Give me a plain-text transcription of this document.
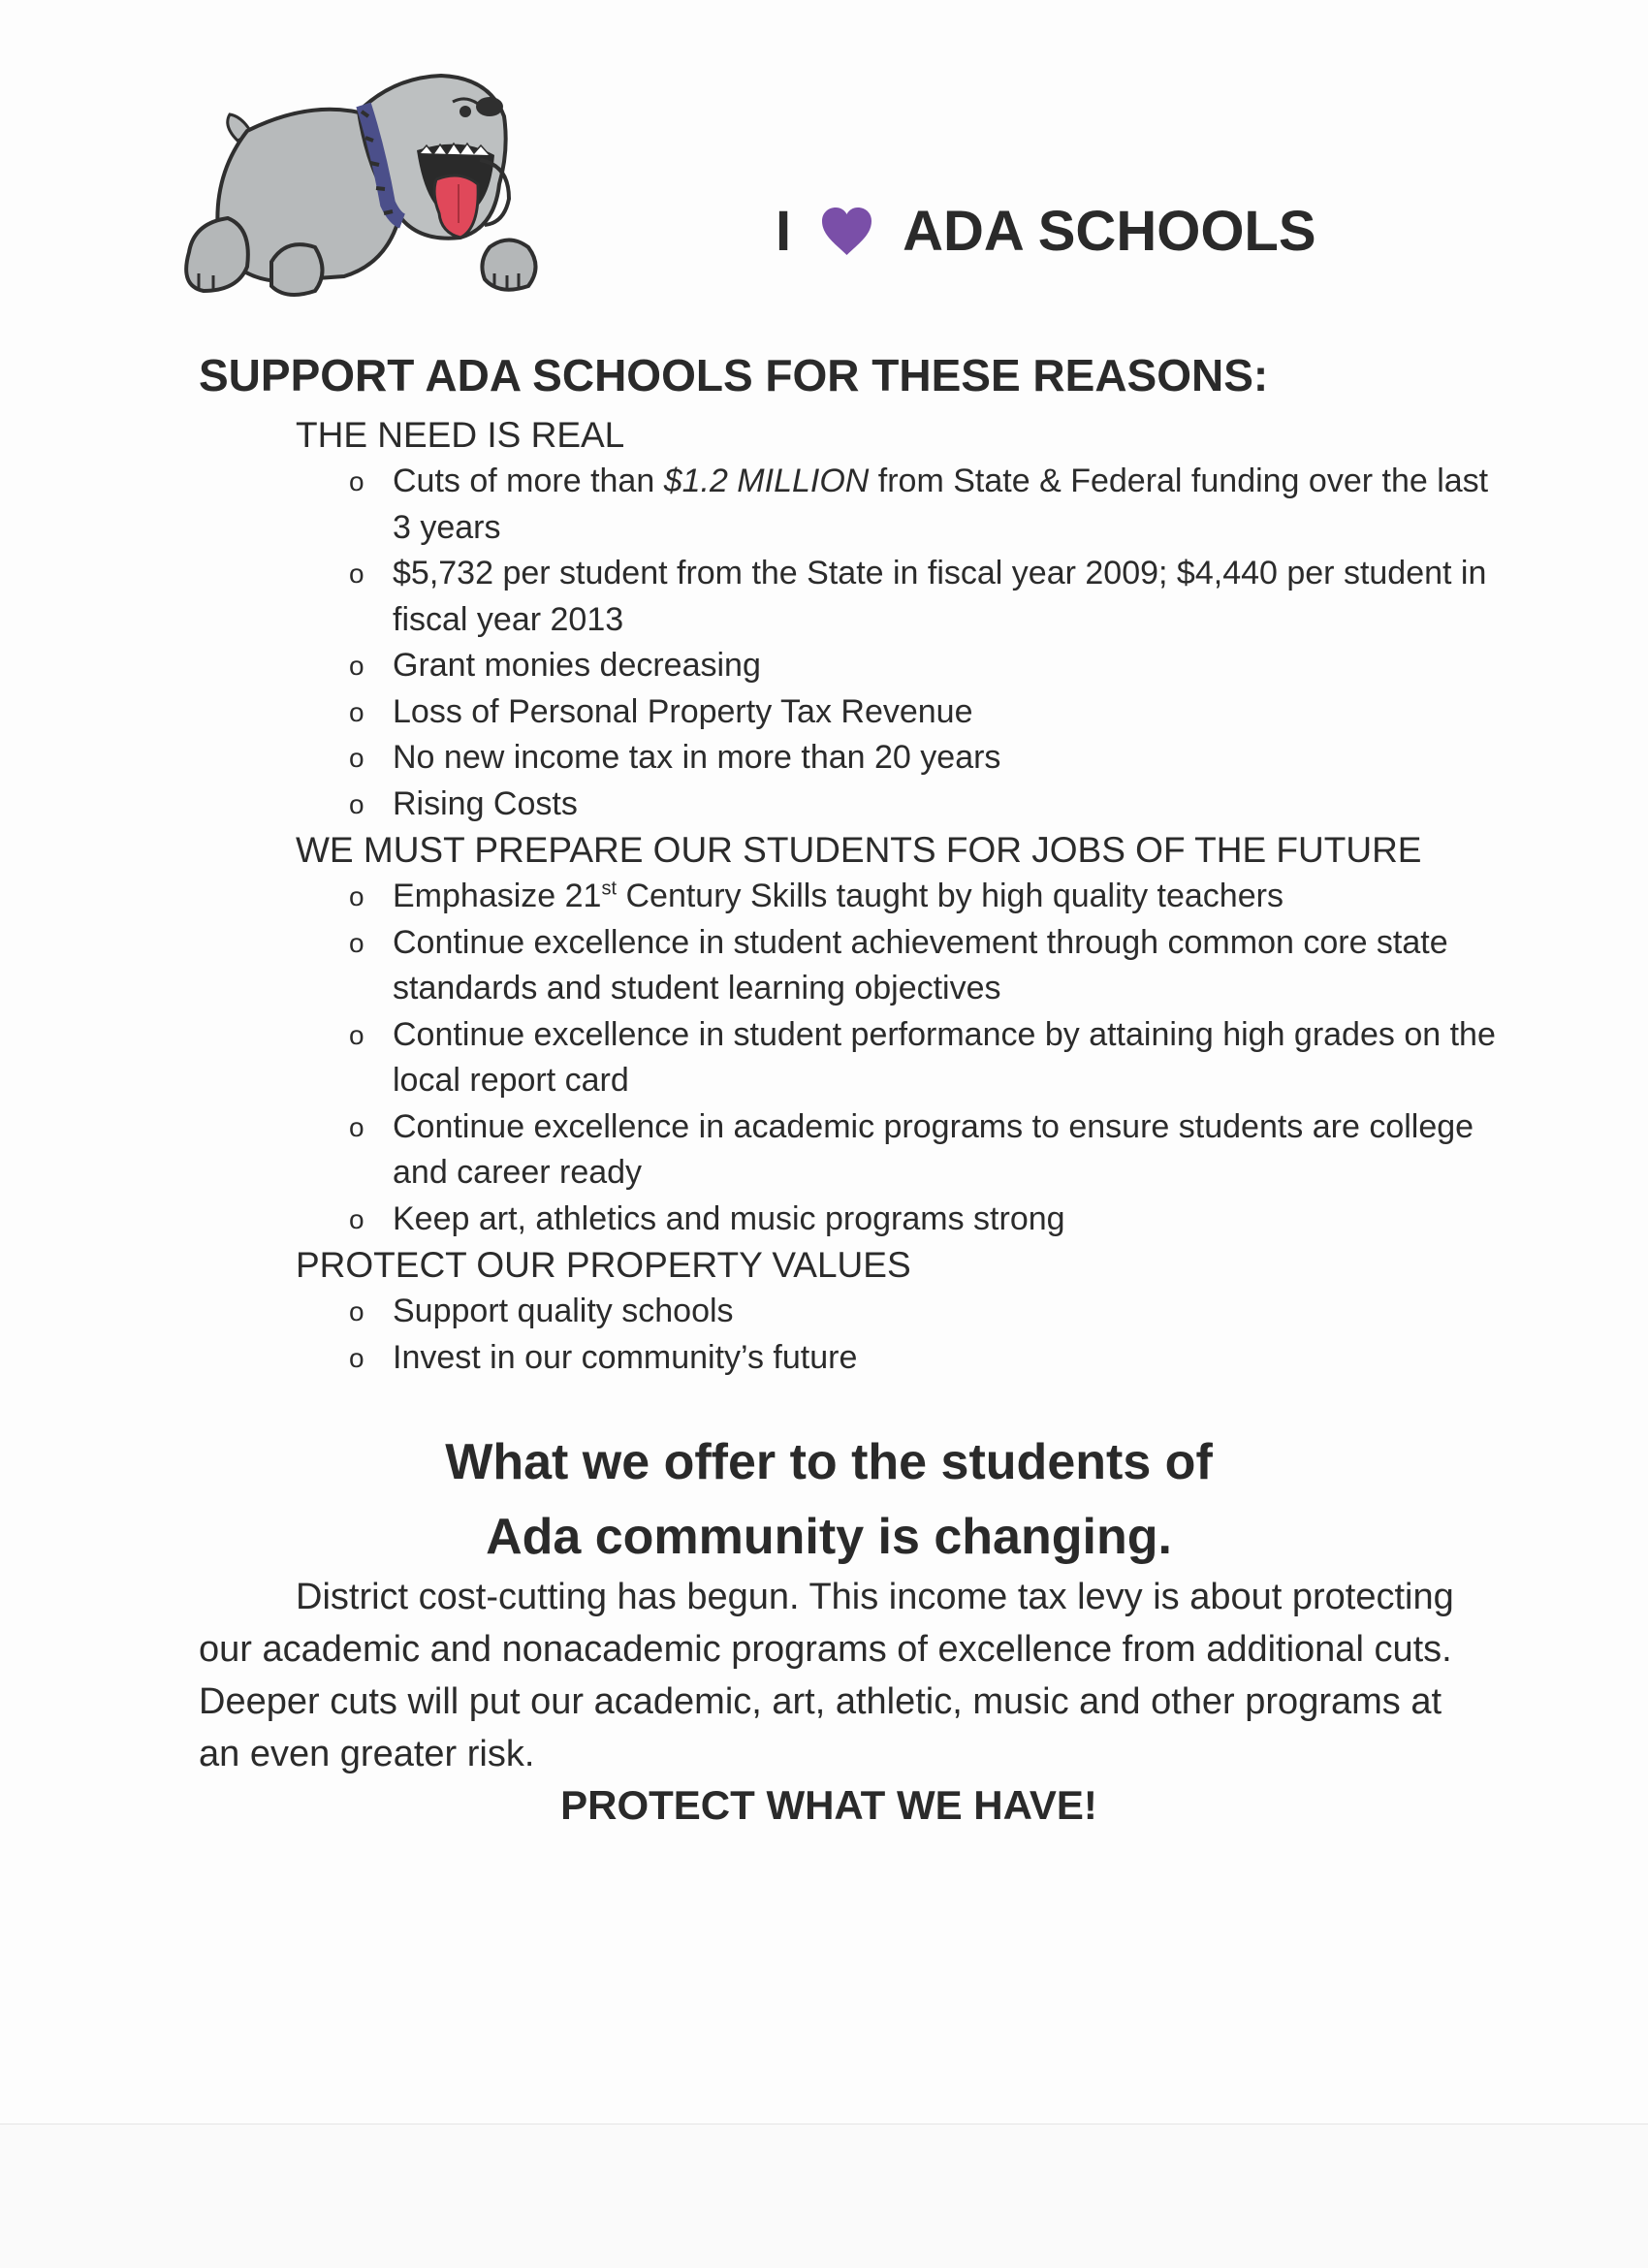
I ADA SCHOOLS
SUPPORT ADA SCHOOLS FOR THESE REASONS:
THE NEED IS REAL
o Cuts of more than $1.2 MILLION from State & Federal funding over the last 3 years
o $5,732 per student from the State in fiscal year 2009; $4,440 per student in fiscal year 2013
o Grant monies decreasing
o Loss of Personal Property Tax Revenue
o No new income tax in more than 20 years
o Rising Costs
WE MUST PREPARE OUR STUDENTS FOR JOBS OF THE FUTURE
o Emphasize 21st Century Skills taught by high quality teachers
o Continue excellence in student achievement through common core state standards and student learning objectives
o Continue excellence in student performance by attaining high grades on the local report card
o Continue excellence in academic programs to ensure students are college and career ready
o Keep art, athletics and music programs strong
PROTECT OUR PROPERTY VALUES
o Support quality schools
o Invest in our community’s future
What we offer to the students of
Ada community is changing.
District cost-cutting has begun. This income tax levy is about protecting our academic and nonacademic programs of excellence from additional cuts. Deeper cuts will put our academic, art, athletic, music and other programs at an even greater risk.
PROTECT WHAT WE HAVE!
